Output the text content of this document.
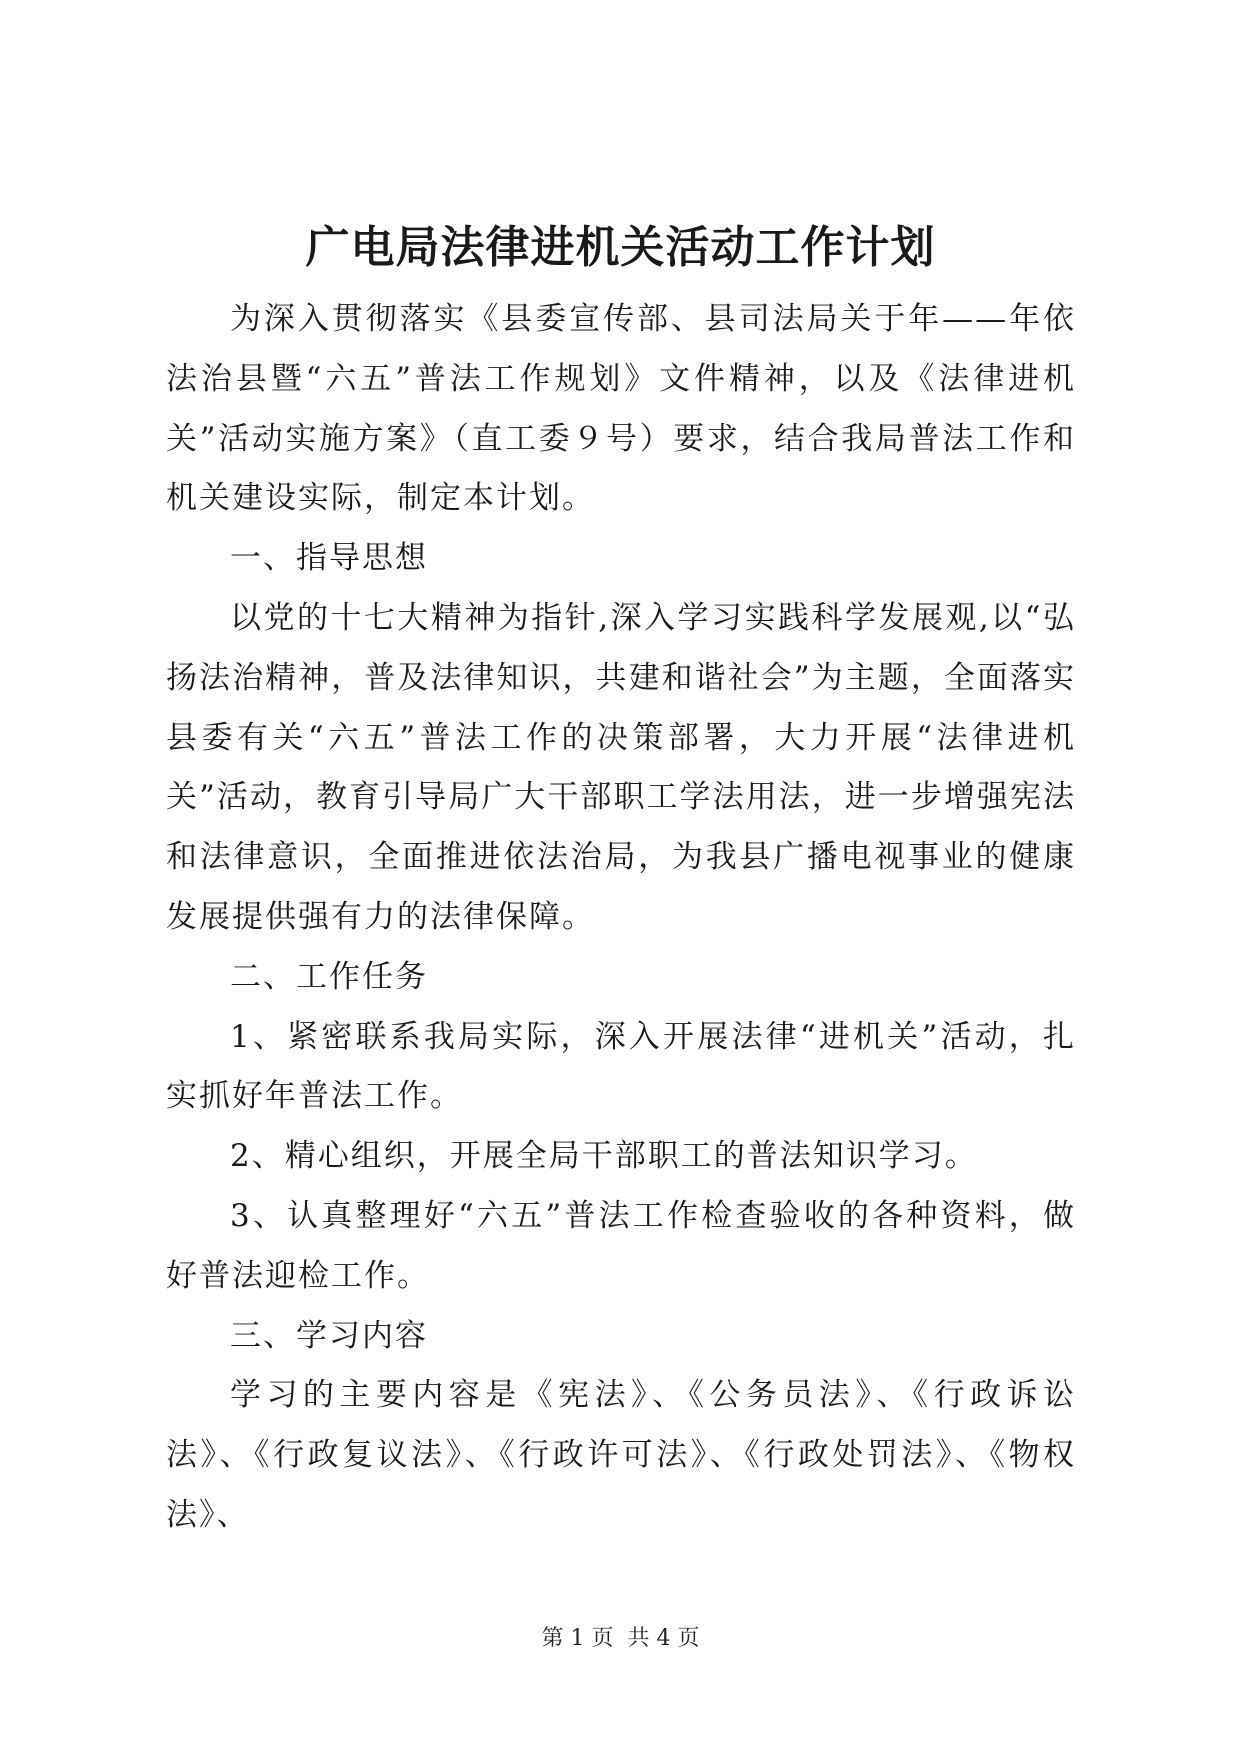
广电局法律进机关活动工作计划

为深入贯彻落实《县委宣传部、县司法局关于年——年依法治县暨“六五”普法工作规划》文件精神，以及《法律进机关”活动实施方案》（直工委９号）要求，结合我局普法工作和机关建设实际，制定本计划。

一、指导思想

以党的十七大精神为指针,深入学习实践科学发展观,以“弘扬法治精神，普及法律知识，共建和谐社会”为主题，全面落实县委有关“六五”普法工作的决策部署，大力开展“法律进机关”活动，教育引导局广大干部职工学法用法，进一步增强宪法和法律意识，全面推进依法治局，为我县广播电视事业的健康发展提供强有力的法律保障。

二、工作任务

1、紧密联系我局实际，深入开展法律“进机关”活动，扎实抓好年普法工作。

2、精心组织，开展全局干部职工的普法知识学习。

3、认真整理好“六五”普法工作检查验收的各种资料，做好普法迎检工作。

三、学习内容

学习的主要内容是《宪法》、《公务员法》、《行政诉讼法》、《行政复议法》、《行政许可法》、《行政处罚法》、《物权法》、

第 1 页  共 4 页
